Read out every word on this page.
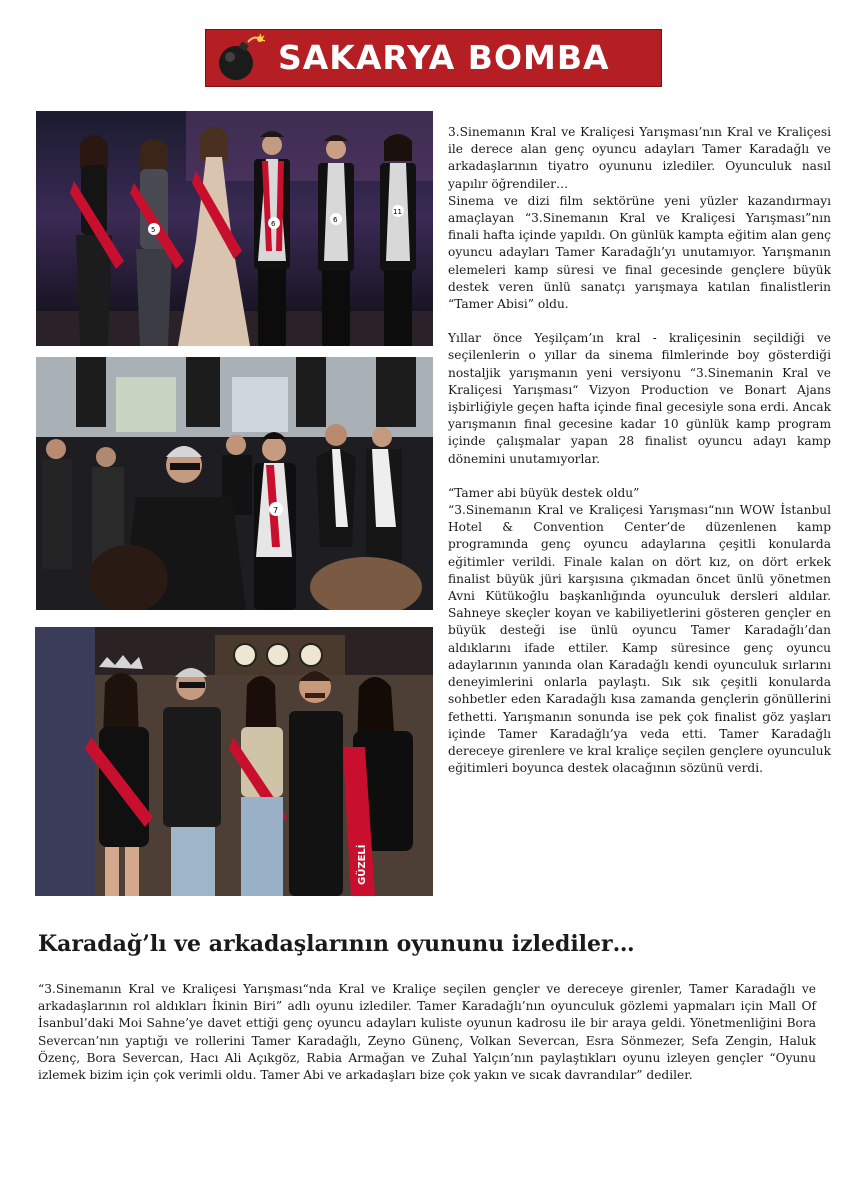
SAKARYA BOMBA
5
6	6
11
7
GÜZELİ

3.Sinemanın Kral ve Kraliçesi Yarışması’nın Kral ve Kraliçesi ile derece alan genç oyuncu adayları Tamer Karadağlı ve arkadaşlarının tiyatro oyununu izlediler. Oyunculuk nasıl yapılır öğrendiler…

Sinema ve dizi film sektörüne yeni yüzler kazandırmayı amaçlayan “3.Sinemanın Kral ve Kraliçesi Yarışması”nın finali hafta içinde yapıldı. On günlük kampta eğitim alan genç oyuncu adayları Tamer Karadağlı’yı unutamıyor. Yarışmanın elemeleri kamp süresi ve final gecesinde gençlere büyük destek veren ünlü sanatçı yarışmaya katılan finalistlerin “Tamer Abisi” oldu.

Yıllar önce Yeşilçam’ın kral - kraliçesinin seçildiği ve seçilenlerin o yıllar da sinema filmlerinde boy gösterdiği nostaljik yarışmanın yeni versiyonu “3.Sinemanin Kral ve Kraliçesi Yarışması“ Vizyon Production ve Bonart Ajans işbirliğiyle geçen hafta içinde final gecesiyle sona erdi. Ancak yarışmanın final gecesine kadar 10 günlük kamp program içinde çalışmalar yapan 28 finalist oyuncu adayı kamp dönemini unutamıyorlar.

“Tamer abi büyük destek oldu”

“3.Sinemanın Kral ve Kraliçesi Yarışması“nın WOW İstanbul Hotel & Convention Center’de düzenlenen kamp programında genç oyuncu adaylarına çeşitli konularda eğitimler verildi. Finale kalan on dört kız, on dört erkek finalist büyük jüri karşısına çıkmadan öncet ünlü yönetmen Avni Kütükoğlu başkanlığında oyunculuk dersleri aldılar. Sahneye skeçler koyan ve kabiliyetlerini gösteren gençler en büyük desteği ise ünlü oyuncu Tamer Karadağlı’dan aldıklarını ifade ettiler. Kamp süresince genç oyuncu adaylarının yanında olan Karadağlı kendi oyunculuk sırlarını deneyimlerini onlarla paylaştı. Sık sık çeşitli konularda sohbetler eden Karadağlı kısa zamanda gençlerin gönüllerini fethetti. Yarışmanın sonunda ise pek çok finalist göz yaşları içinde Tamer Karadağlı’ya veda etti. Tamer Karadağlı dereceye girenlere ve kral kraliçe seçilen gençlere oyunculuk eğitimleri boyunca destek olacağının sözünü verdi.

Karadağ’lı ve arkadaşlarının oyununu izlediler…

“3.Sinemanın Kral ve Kraliçesi Yarışması“nda Kral ve Kraliçe seçilen gençler ve dereceye girenler, Tamer Karadağlı ve arkadaşlarının rol aldıkları İkinin Biri” adlı oyunu izlediler. Tamer Karadağlı’nın oyunculuk gözlemi yapmaları için Mall Of İsanbul’daki Moi Sahne’ye davet ettiği genç oyuncu adayları kuliste oyunun kadrosu ile bir araya geldi. Yönetmenliğini Bora Severcan’nın yaptığı ve rollerini Tamer Karadağlı, Zeyno Günenç, Volkan Severcan, Esra Sönmezer, Sefa Zengin, Haluk Özenç, Bora Severcan, Hacı Ali Açıkgöz, Rabia Armağan ve Zuhal Yalçın’nın paylaştıkları oyunu izleyen gençler “Oyunu izlemek bizim için çok verimli oldu. Tamer Abi ve arkadaşları bize çok yakın ve sıcak davrandılar” dediler.
